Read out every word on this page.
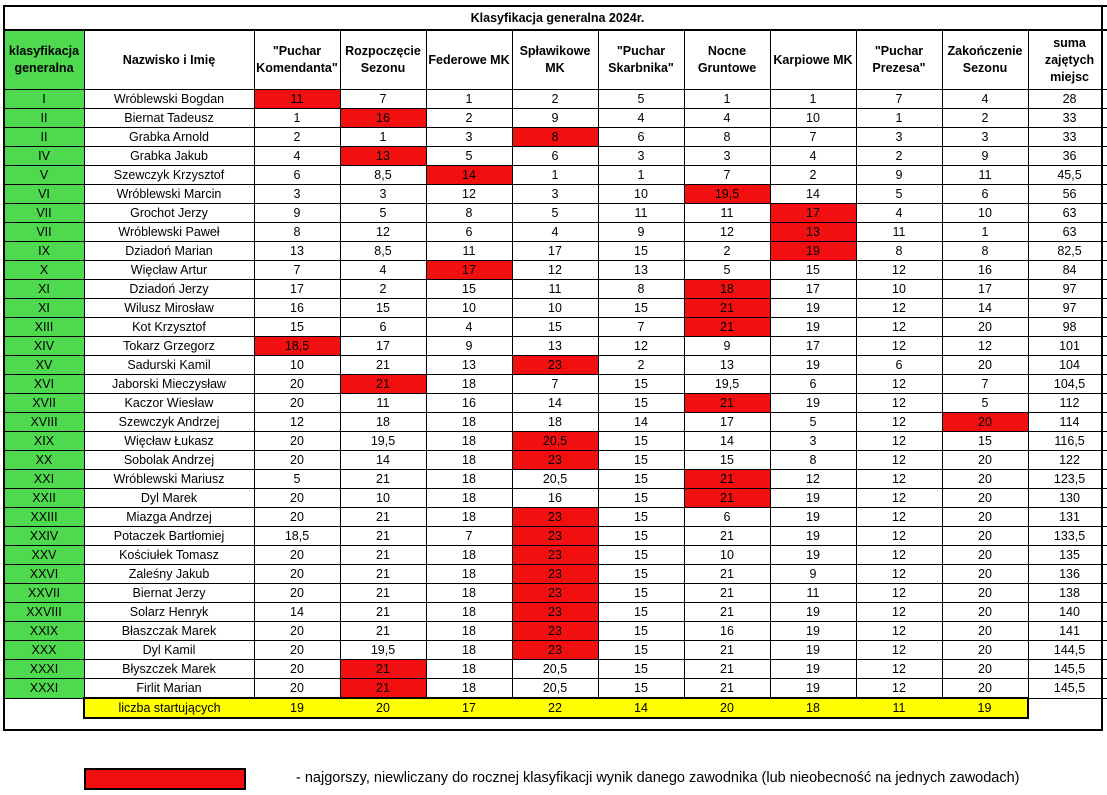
Klasyfikacja generalna 2024r.											
klasyfikacja generalna	Nazwisko i Imię	"Puchar Komendanta"	Rozpoczęcie Sezonu	Federowe MK	Spławikowe MK	"Puchar Skarbnika"	Nocne Gruntowe	Karpiowe MK	"Puchar Prezesa"	Zakończenie Sezonu	suma zajętych miejsc
I	Wróblewski Bogdan	11	7	1	2	5	1	1	7	4	28
II	Biernat Tadeusz	1	16	2	9	4	4	10	1	2	33
II	Grabka Arnold	2	1	3	8	6	8	7	3	3	33
IV	Grabka Jakub	4	13	5	6	3	3	4	2	9	36
V	Szewczyk Krzysztof	6	8,5	14	1	1	7	2	9	11	45,5
VI	Wróblewski Marcin	3	3	12	3	10	19,5	14	5	6	56
VII	Grochot Jerzy	9	5	8	5	11	11	17	4	10	63
VII	Wróblewski Paweł	8	12	6	4	9	12	13	11	1	63
IX	Dziadoń Marian	13	8,5	11	17	15	2	19	8	8	82,5
X	Więcław Artur	7	4	17	12	13	5	15	12	16	84
XI	Dziadoń Jerzy	17	2	15	11	8	18	17	10	17	97
XI	Wilusz Mirosław	16	15	10	10	15	21	19	12	14	97
XIII	Kot Krzysztof	15	6	4	15	7	21	19	12	20	98
XIV	Tokarz Grzegorz	18,5	17	9	13	12	9	17	12	12	101
XV	Sadurski Kamil	10	21	13	23	2	13	19	6	20	104
XVI	Jaborski Mieczysław	20	21	18	7	15	19,5	6	12	7	104,5
XVII	Kaczor Wiesław	20	11	16	14	15	21	19	12	5	112
XVIII	Szewczyk Andrzej	12	18	18	18	14	17	5	12	20	114
XIX	Więcław Łukasz	20	19,5	18	20,5	15	14	3	12	15	116,5
XX	Sobolak Andrzej	20	14	18	23	15	15	8	12	20	122
XXI	Wróblewski Mariusz	5	21	18	20,5	15	21	12	12	20	123,5
XXII	Dyl Marek	20	10	18	16	15	21	19	12	20	130
XXIII	Miazga Andrzej	20	21	18	23	15	6	19	12	20	131
XXIV	Potaczek Bartłomiej	18,5	21	7	23	15	21	19	12	20	133,5
XXV	Kościułek Tomasz	20	21	18	23	15	10	19	12	20	135
XXVI	Zaleśny Jakub	20	21	18	23	15	21	9	12	20	136
XXVII	Biernat Jerzy	20	21	18	23	15	21	11	12	20	138
XXVIII	Solarz Henryk	14	21	18	23	15	21	19	12	20	140
XXIX	Błaszczak Marek	20	21	18	23	15	16	19	12	20	141
XXX	Dyl Kamil	20	19,5	18	23	15	21	19	12	20	144,5
XXXI	Błyszczek Marek	20	21	18	20,5	15	21	19	12	20	145,5
XXXI	Firlit Marian	20	21	18	20,5	15	21	19	12	20	145,5
	liczba startujących	19	20	17	22	14	20	18	11	19	
- najgorszy, niewliczany do rocznej klasyfikacji wynik danego zawodnika (lub nieobecność na jednych zawodach)
